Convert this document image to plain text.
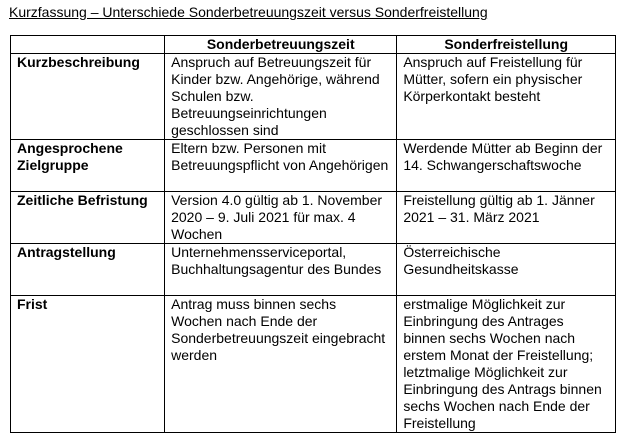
Kurzfassung – Unterschiede Sonderbetreuungszeit versus Sonderfreistellung
	Sonderbetreuungszeit	Sonderfreistellung
Kurzbeschreibung	Anspruch auf Betreuungszeit für Kinder bzw. Angehörige, während Schulen bzw. Betreuungseinrichtungen geschlossen sind	Anspruch auf Freistellung für Mütter, sofern ein physischer Körperkontakt besteht
Angesprochene Zielgruppe	Eltern bzw. Personen mit Betreuungspflicht von Angehörigen	Werdende Mütter ab Beginn der 14. Schwangerschaftswoche
Zeitliche Befristung	Version 4.0 gültig ab 1. November 2020 – 9. Juli 2021 für max. 4 Wochen	Freistellung gültig ab 1. Jänner 2021 – 31. März 2021
Antragstellung	Unternehmensserviceportal, Buchhaltungsagentur des Bundes	Österreichische Gesundheitskasse
Frist	Antrag muss binnen sechs Wochen nach Ende der Sonderbetreuungszeit eingebracht werden	erstmalige Möglichkeit zur Einbringung des Antrages binnen sechs Wochen nach erstem Monat der Freistellung; letztmalige Möglichkeit zur Einbringung des Antrags binnen sechs Wochen nach Ende der Freistellung
